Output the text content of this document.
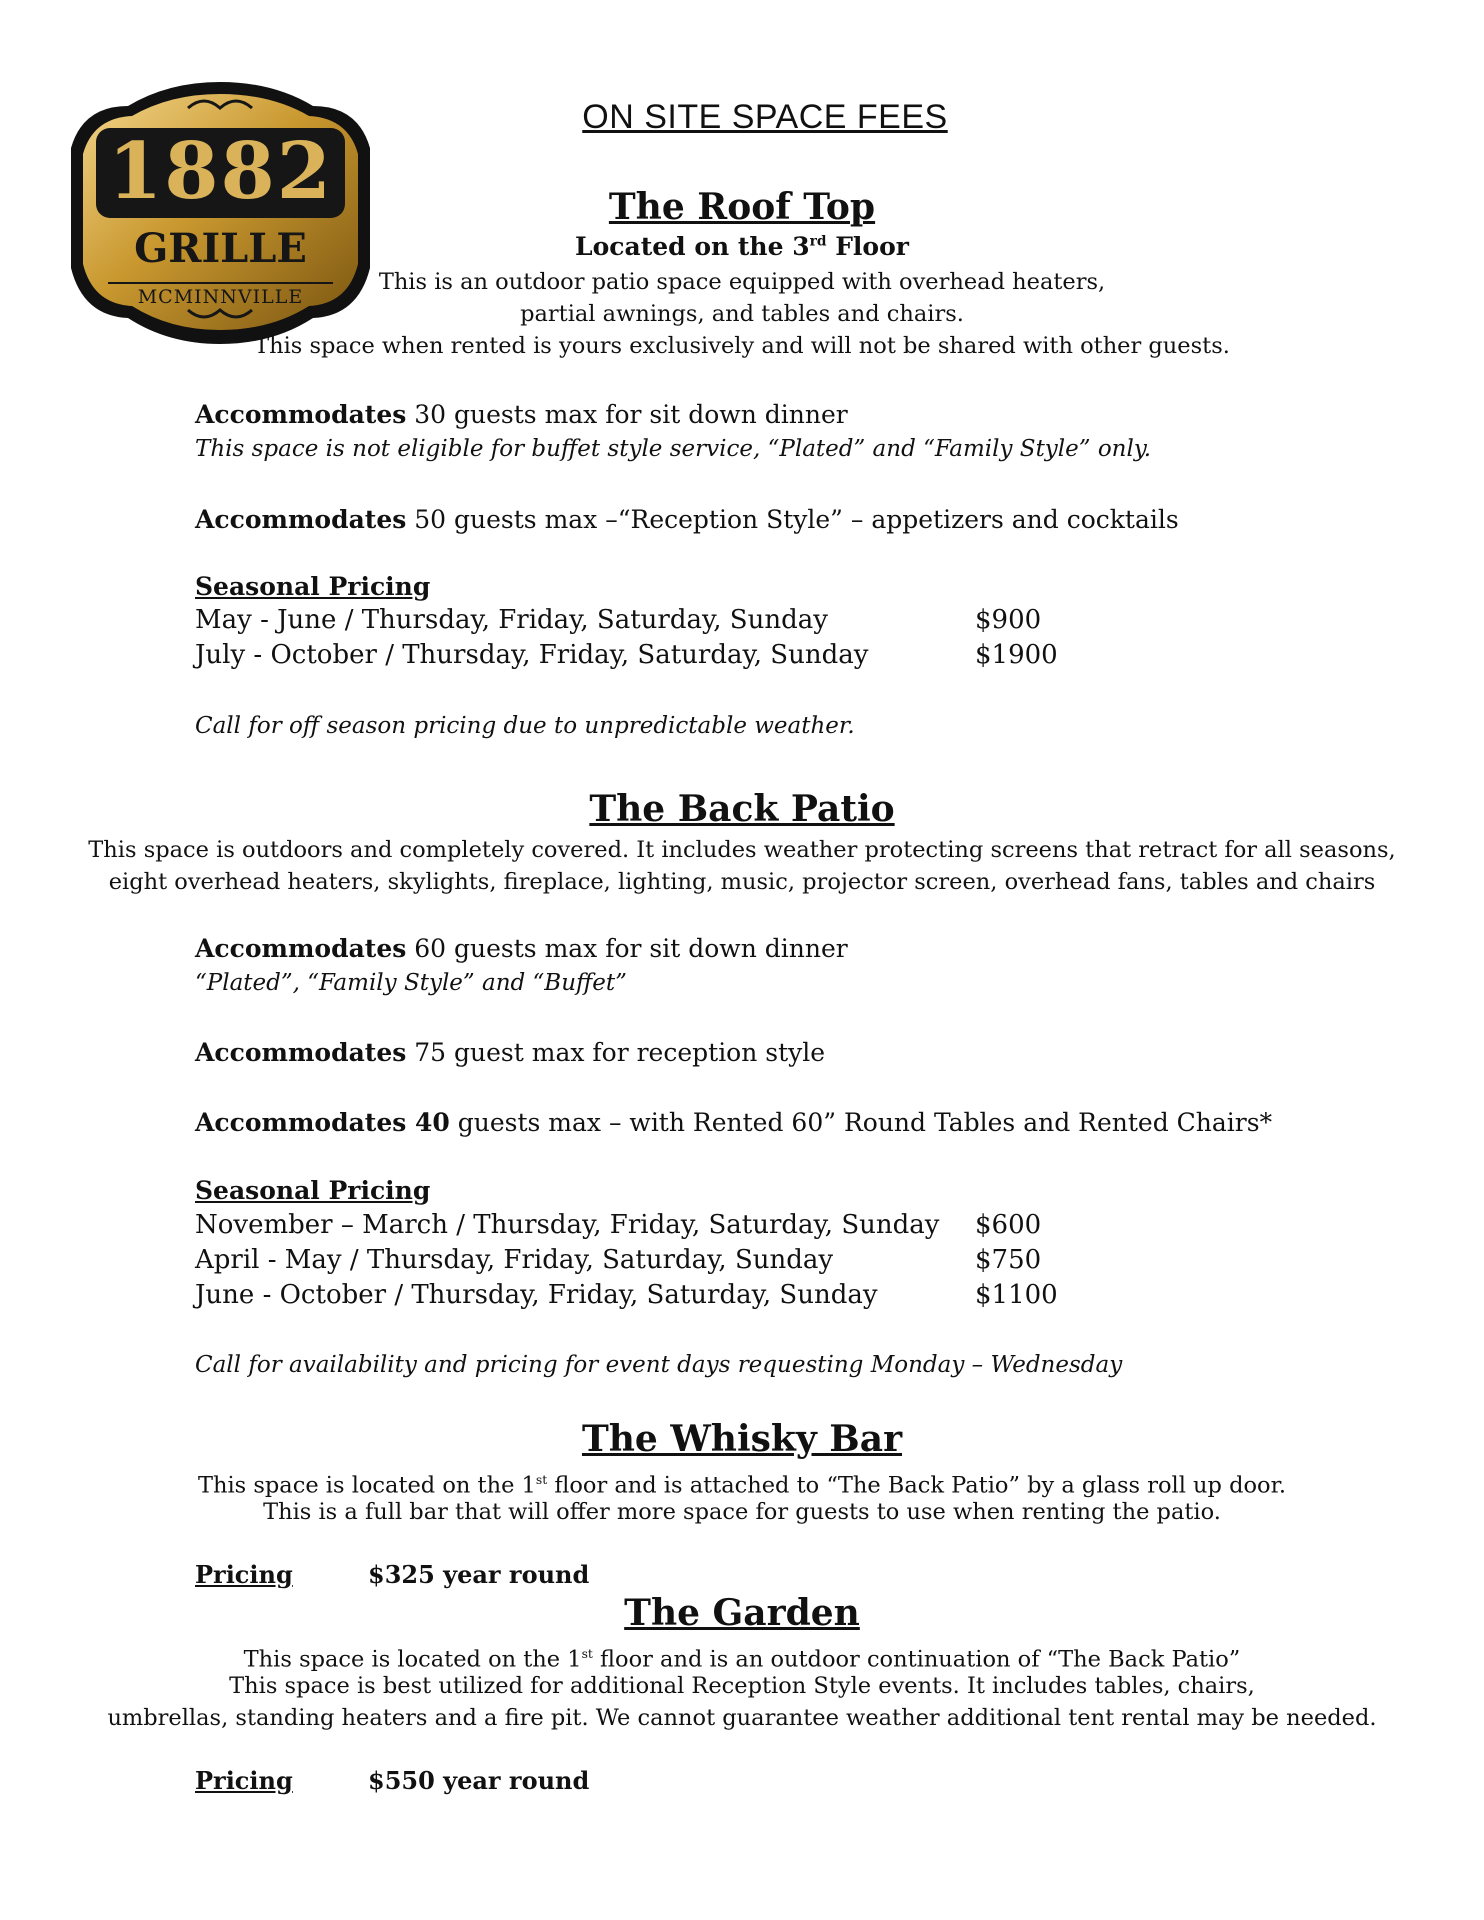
1882
GRILLE
MCMINNVILLE
ON SITE SPACE FEES
The Roof Top
Located on the 3rd Floor
This is an outdoor patio space equipped with overhead heaters,
partial awnings, and tables and chairs.
This space when rented is yours exclusively and will not be shared with other guests.
Accommodates 30 guests max for sit down dinner
This space is not eligible for buffet style service, “Plated” and “Family Style” only.
Accommodates 50 guests max –“Reception Style” – appetizers and cocktails
Seasonal Pricing
May - June / Thursday, Friday, Saturday, Sunday	$900
July - October / Thursday, Friday, Saturday, Sunday	$1900
Call for off season pricing due to unpredictable weather.
The Back Patio
This space is outdoors and completely covered. It includes weather protecting screens that retract for all seasons,
eight overhead heaters, skylights, fireplace, lighting, music, projector screen, overhead fans, tables and chairs
Accommodates 60 guests max for sit down dinner
“Plated”, “Family Style” and “Buffet”
Accommodates 75 guest max for reception style
Accommodates 40 guests max – with Rented 60” Round Tables and Rented Chairs*
Seasonal Pricing
November – March / Thursday, Friday, Saturday, Sunday $600
April - May / Thursday, Friday, Saturday, Sunday	$750
June - October / Thursday, Friday, Saturday, Sunday	$1100
Call for availability and pricing for event days requesting Monday – Wednesday
The Whisky Bar
This space is located on the 1st floor and is attached to “The Back Patio” by a glass roll up door.
This is a full bar that will offer more space for guests to use when renting the patio.
Pricing	$325 year round
The Garden
This space is located on the 1st floor and is an outdoor continuation of “The Back Patio”
This space is best utilized for additional Reception Style events. It includes tables, chairs,
umbrellas, standing heaters and a fire pit. We cannot guarantee weather additional tent rental may be needed.
Pricing	$550 year round
